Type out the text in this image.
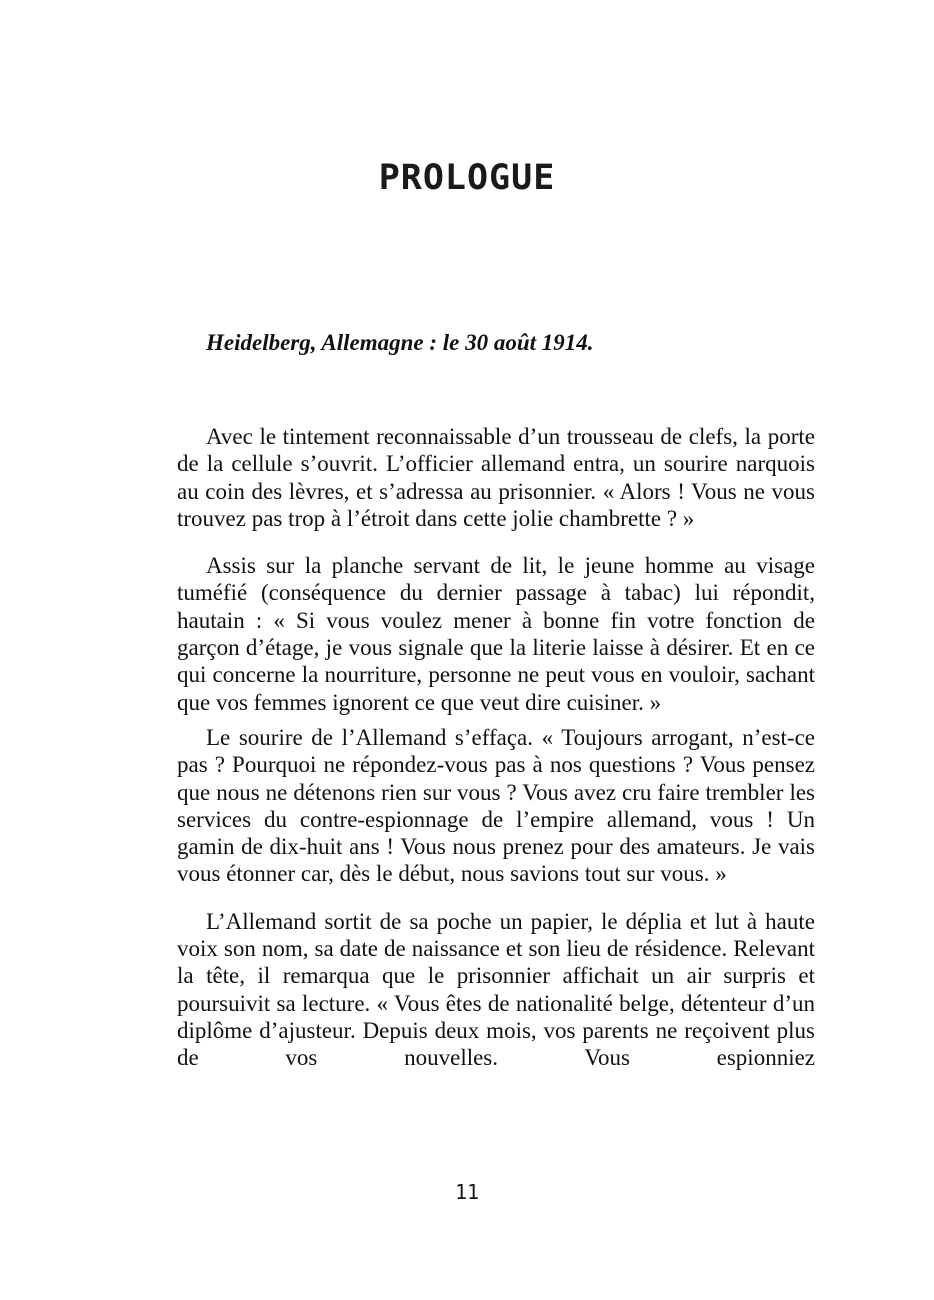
PROLOGUE

Heidelberg, Allemagne : le 30 août 1914.

Avec le tintement reconnaissable d’un trousseau de clefs, la porte de la cellule s’ouvrit. L’officier allemand entra, un sourire narquois au coin des lèvres, et s’adressa au prisonnier. « Alors ! Vous ne vous trouvez pas trop à l’étroit dans cette jolie chambrette ? »

Assis sur la planche servant de lit, le jeune homme au visage tuméfié (conséquence du dernier passage à tabac) lui répondit, hautain : « Si vous voulez mener à bonne fin votre fonction de garçon d’étage, je vous signale que la literie laisse à désirer. Et en ce qui concerne la nourriture, personne ne peut vous en vouloir, sachant que vos femmes ignorent ce que veut dire cuisiner. »

Le sourire de l’Allemand s’effaça. « Toujours arrogant, n’est-ce pas ? Pourquoi ne répondez-vous pas à nos questions ? Vous pensez que nous ne détenons rien sur vous ? Vous avez cru faire trembler les services du contre-espionnage de l’empire allemand, vous ! Un gamin de dix-huit ans ! Vous nous prenez pour des amateurs. Je vais vous étonner car, dès le début, nous savions tout sur vous. »

L’Allemand sortit de sa poche un papier, le déplia et lut à haute voix son nom, sa date de naissance et son lieu de résidence. Relevant la tête, il remarqua que le prisonnier affichait un air surpris et poursuivit sa lecture. « Vous êtes de nationalité belge, détenteur d’un diplôme d’ajusteur. Depuis deux mois, vos parents ne reçoivent plus de vos nouvelles. Vous espionniez

11
